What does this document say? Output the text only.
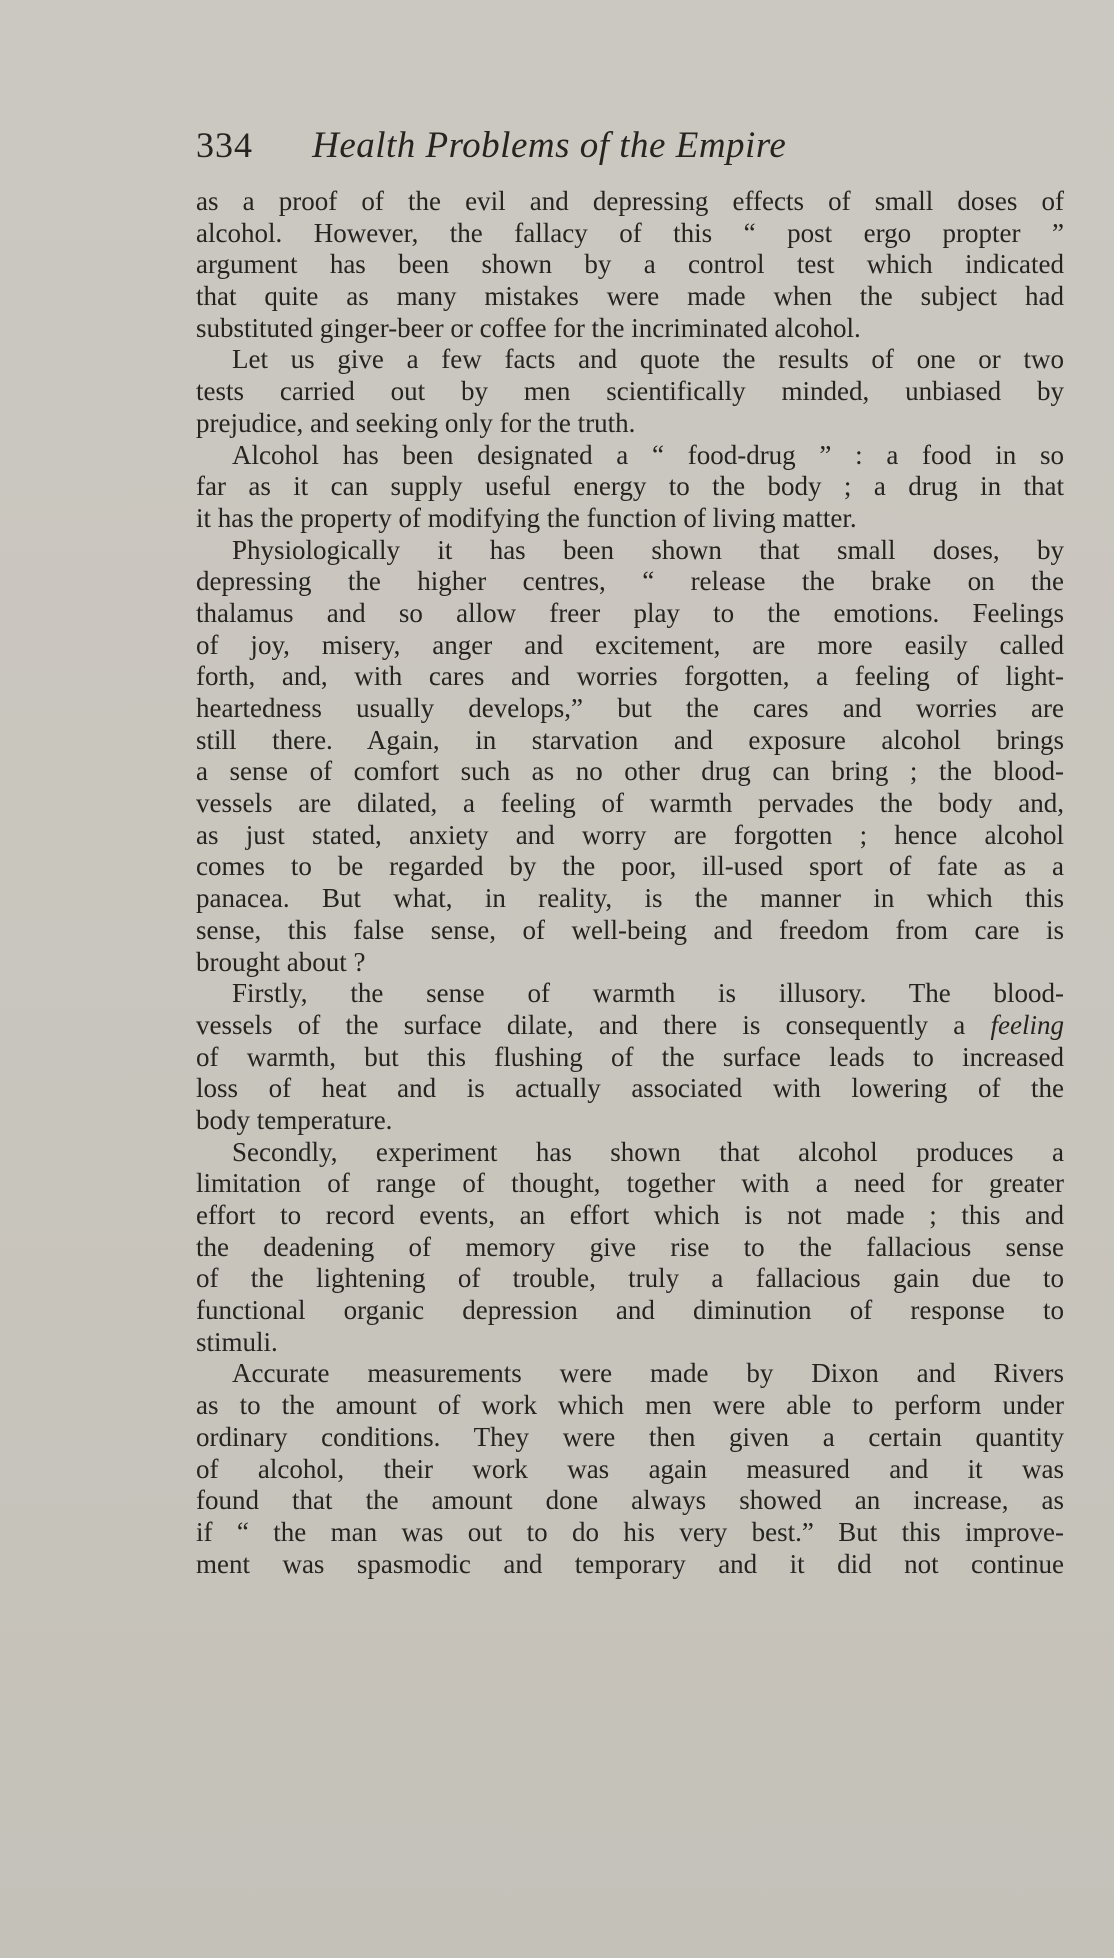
334 Health Problems of the Empire
as a proof of the evil and depressing effects of small doses of
alcohol. However, the fallacy of this “ post ergo propter ”
argument has been shown by a control test which indicated
that quite as many mistakes were made when the subject had
substituted ginger-beer or coffee for the incriminated alcohol.
Let us give a few facts and quote the results of one or two
tests carried out by men scientifically minded, unbiased by
prejudice, and seeking only for the truth.
Alcohol has been designated a “ food-drug ” : a food in so
far as it can supply useful energy to the body ; a drug in that
it has the property of modifying the function of living matter.
Physiologically it has been shown that small doses, by
depressing the higher centres, “ release the brake on the
thalamus and so allow freer play to the emotions. Feelings
of joy, misery, anger and excitement, are more easily called
forth, and, with cares and worries forgotten, a feeling of light-
heartedness usually develops,” but the cares and worries are
still there. Again, in starvation and exposure alcohol brings
a sense of comfort such as no other drug can bring ; the blood-
vessels are dilated, a feeling of warmth pervades the body and,
as just stated, anxiety and worry are forgotten ; hence alcohol
comes to be regarded by the poor, ill-used sport of fate as a
panacea. But what, in reality, is the manner in which this
sense, this false sense, of well-being and freedom from care is
brought about ?
Firstly, the sense of warmth is illusory. The blood-
vessels of the surface dilate, and there is consequently a feeling
of warmth, but this flushing of the surface leads to increased
loss of heat and is actually associated with lowering of the
body temperature.
Secondly, experiment has shown that alcohol produces a
limitation of range of thought, together with a need for greater
effort to record events, an effort which is not made ; this and
the deadening of memory give rise to the fallacious sense
of the lightening of trouble, truly a fallacious gain due to
functional organic depression and diminution of response to
stimuli.
Accurate measurements were made by Dixon and Rivers
as to the amount of work which men were able to perform under
ordinary conditions. They were then given a certain quantity
of alcohol, their work was again measured and it was
found that the amount done always showed an increase, as
if “ the man was out to do his very best.” But this improve-
ment was spasmodic and temporary and it did not continue
